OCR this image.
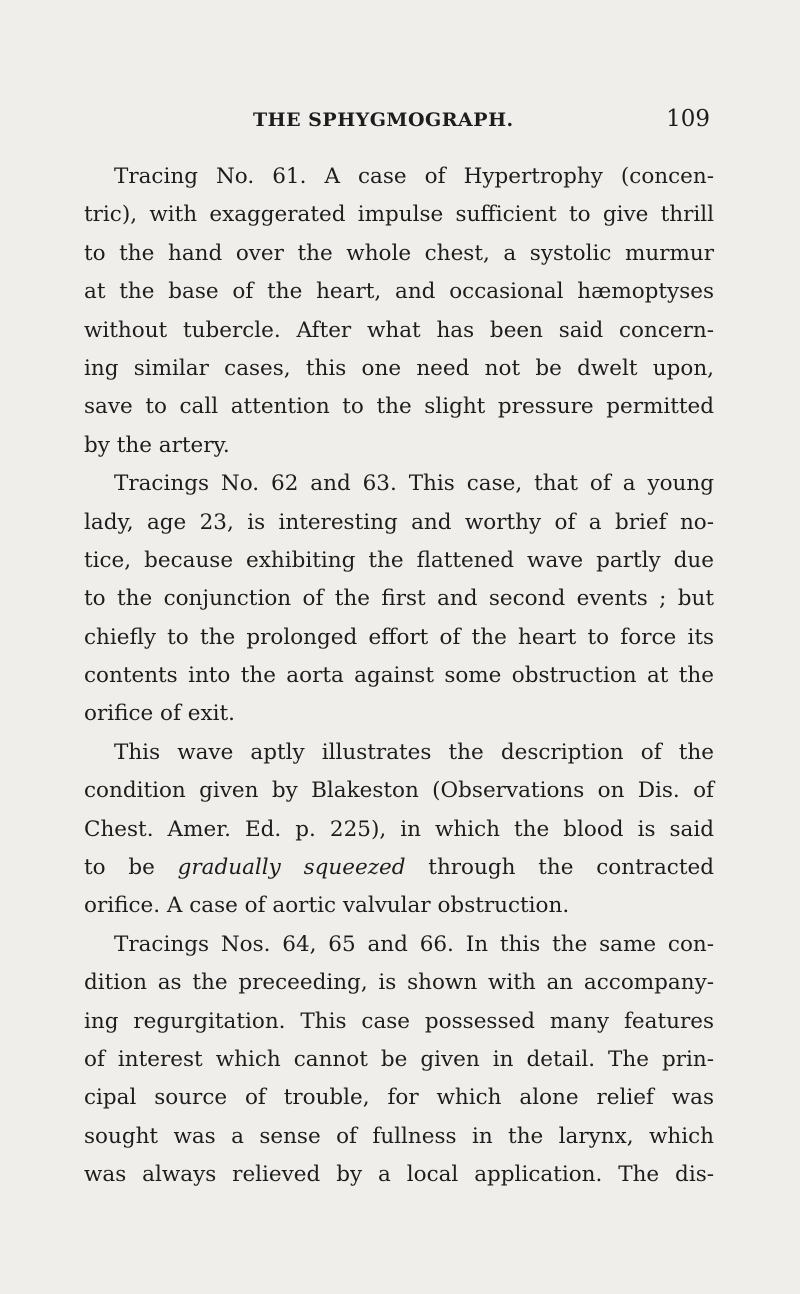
THE SPHYGMOGRAPH.	109
Tracing No. 61. A case of Hypertrophy (concen-
tric), with exaggerated impulse sufficient to give thrill
to the hand over the whole chest, a systolic murmur
at the base of the heart, and occasional hæmoptyses
without tubercle. After what has been said concern-
ing similar cases, this one need not be dwelt upon,
save to call attention to the slight pressure permitted
by the artery.
Tracings No. 62 and 63. This case, that of a young
lady, age 23, is interesting and worthy of a brief no-
tice, because exhibiting the flattened wave partly due
to the conjunction of the first and second events ; but
chiefly to the prolonged effort of the heart to force its
contents into the aorta against some obstruction at the
orifice of exit.
This wave aptly illustrates the description of the
condition given by Blakeston (Observations on Dis. of
Chest. Amer. Ed. p. 225), in which the blood is said
to be gradually squeezed through the contracted
orifice. A case of aortic valvular obstruction.
Tracings Nos. 64, 65 and 66. In this the same con-
dition as the preceeding, is shown with an accompany-
ing regurgitation. This case possessed many features
of interest which cannot be given in detail. The prin-
cipal source of trouble, for which alone relief was
sought was a sense of fullness in the larynx, which
was always relieved by a local application. The dis-
